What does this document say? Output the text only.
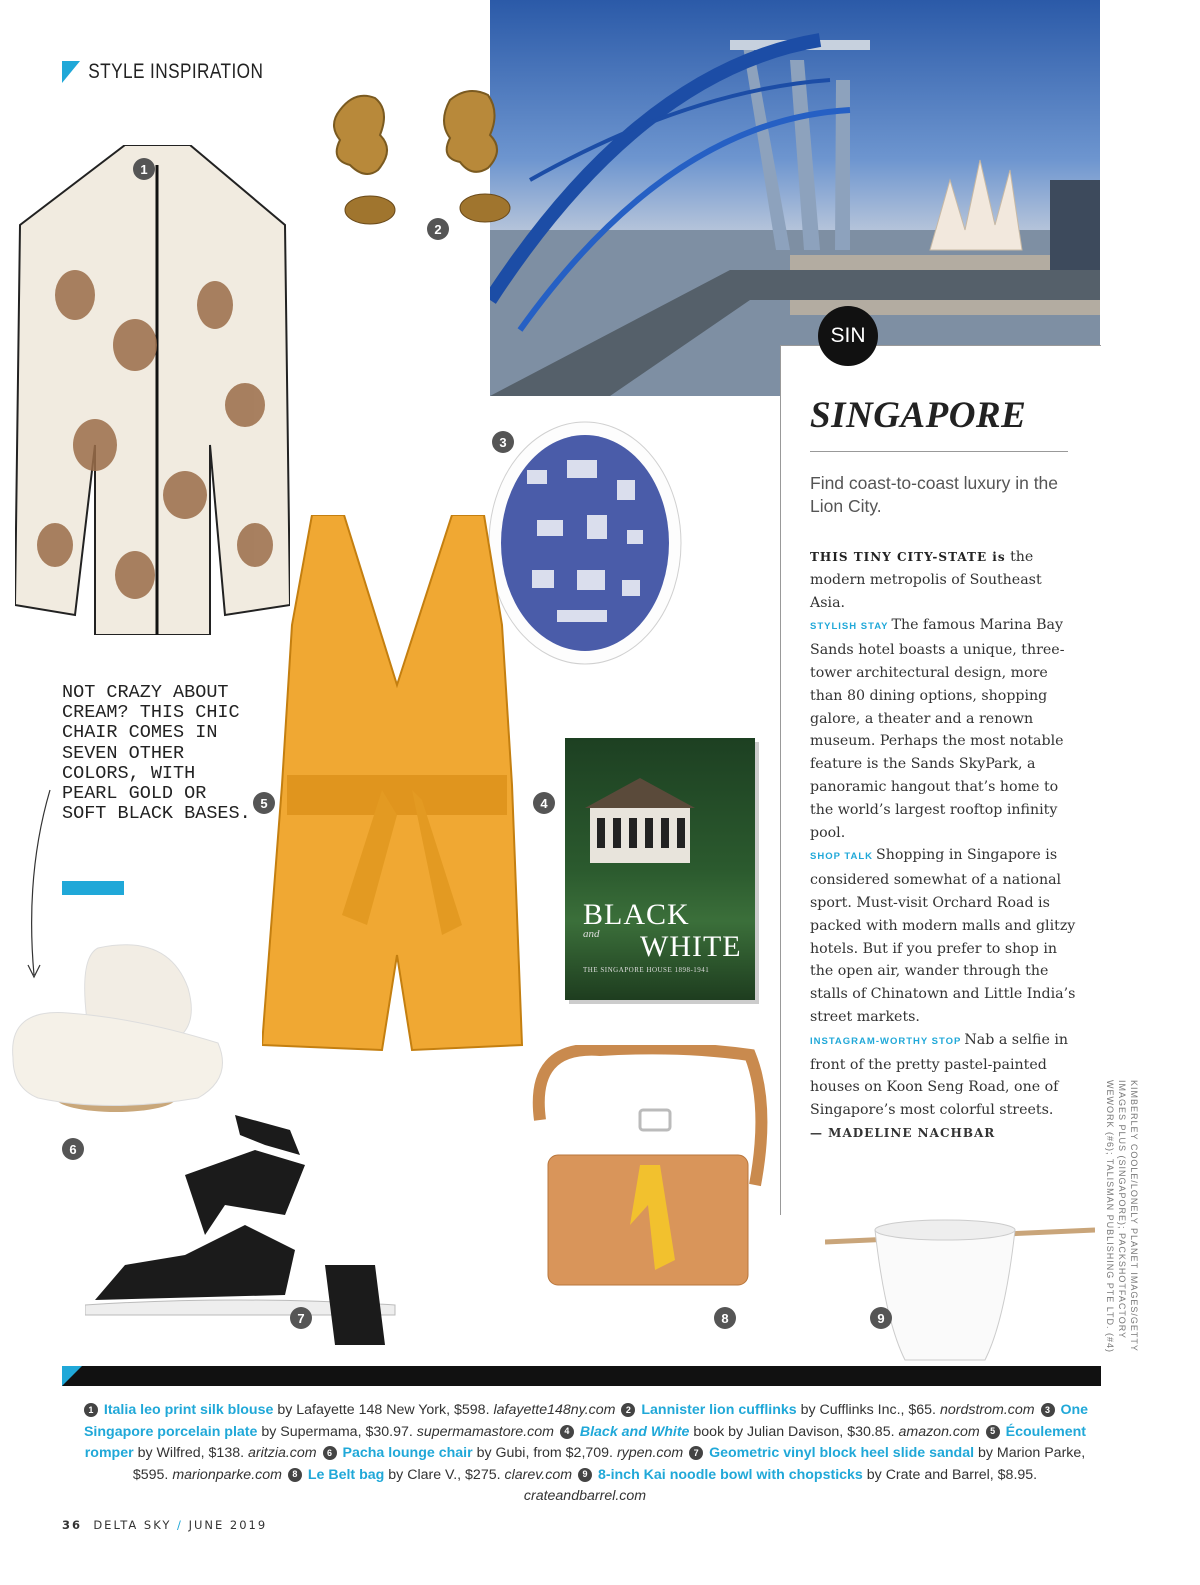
STYLE INSPIRATION
BLACK
and WHITE
THE SINGAPORE HOUSE 1898-1941
NOT CRAZY ABOUT CREAM? THIS CHIC CHAIR COMES IN SEVEN OTHER COLORS, WITH PEARL GOLD OR SOFT BLACK BASES.
1
2
3
4
5
6
7	8	9
SIN
SINGAPORE
Find coast-to-coast luxury in the Lion City.
THIS TINY CITY-STATE is the modern metropolis of Southeast Asia.
STYLISH STAY The famous Marina Bay Sands hotel boasts a unique, three-tower architectural design, more than 80 dining options, shopping galore, a theater and a renown museum. Perhaps the most notable feature is the Sands SkyPark, a panoramic hangout that’s home to the world’s largest rooftop infinity pool.
SHOP TALK Shopping in Singapore is considered somewhat of a national sport. Must-visit Orchard Road is packed with modern malls and glitzy hotels. But if you prefer to shop in the open air, wander through the stalls of Chinatown and Little India’s street markets.
INSTAGRAM-WORTHY STOP Nab a selfie in front of the pretty pastel-painted houses on Koon Seng Road, one of Singapore’s most colorful streets.
— MADELINE NACHBAR	KIMBERLEY COOLE/LONELY PLANET IMAGES/GETTY IMAGES PLUS (SINGAPORE); PACKSHOTFACTORY WEWORK (#6); TALISMAN PUBLISHING PTE LTD. (#4)
1 Italia leo print silk blouse by Lafayette 148 New York, $598. lafayette148ny.com 2 Lannister lion cufflinks by Cufflinks Inc., $65. nordstrom.com 3 One Singapore porcelain plate by Supermama, $30.97. supermamastore.com 4 Black and White book by Julian Davison, $30.85. amazon.com 5 Écoulement romper by Wilfred, $138. aritzia.com 6 Pacha lounge chair by Gubi, from $2,709. rypen.com 7 Geometric vinyl block heel slide sandal by Marion Parke, $595. marionparke.com 8 Le Belt bag by Clare V., $275. clarev.com 9 8-inch Kai noodle bowl with chopsticks by Crate and Barrel, $8.95. crateandbarrel.com
36 DELTA SKY / JUNE 2019
